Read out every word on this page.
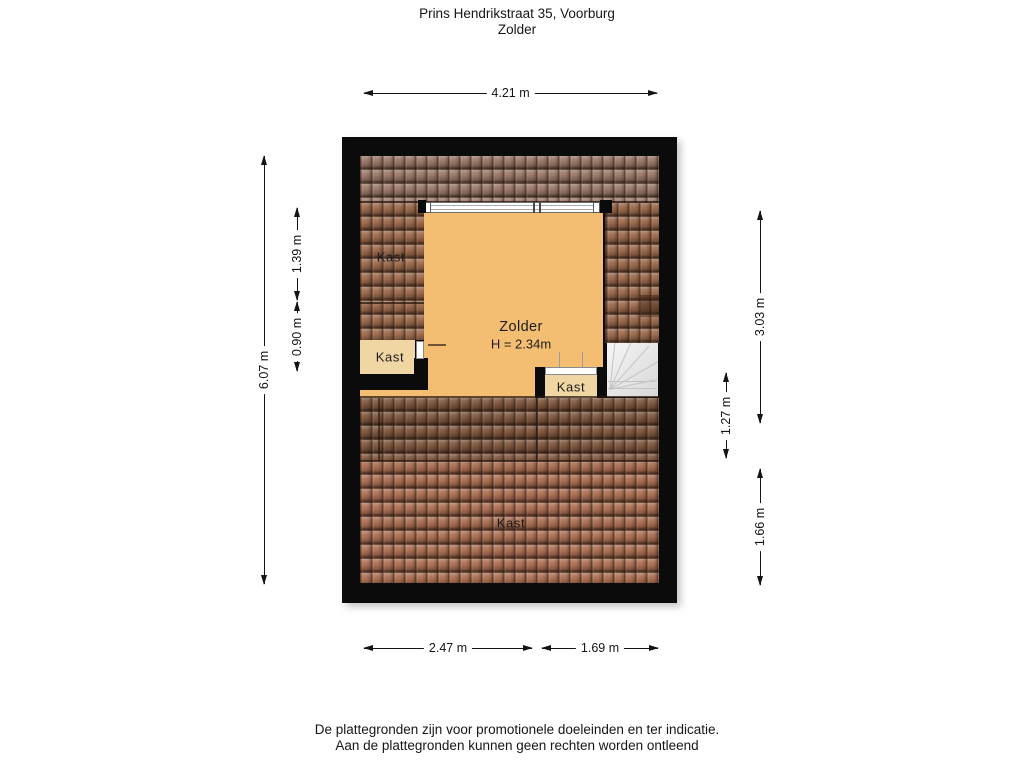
Prins Hendrikstraat 35, Voorburg
Zolder
Zolder
H = 2.34m
Kast
Kast
Kast
Kast
4.21 m
2.47 m	1.69 m
6.07 m
1.39 m
0.90 m
3.03 m
1.27 m
1.66 m
De plattegronden zijn voor promotionele doeleinden en ter indicatie.
Aan de plattegronden kunnen geen rechten worden ontleend
